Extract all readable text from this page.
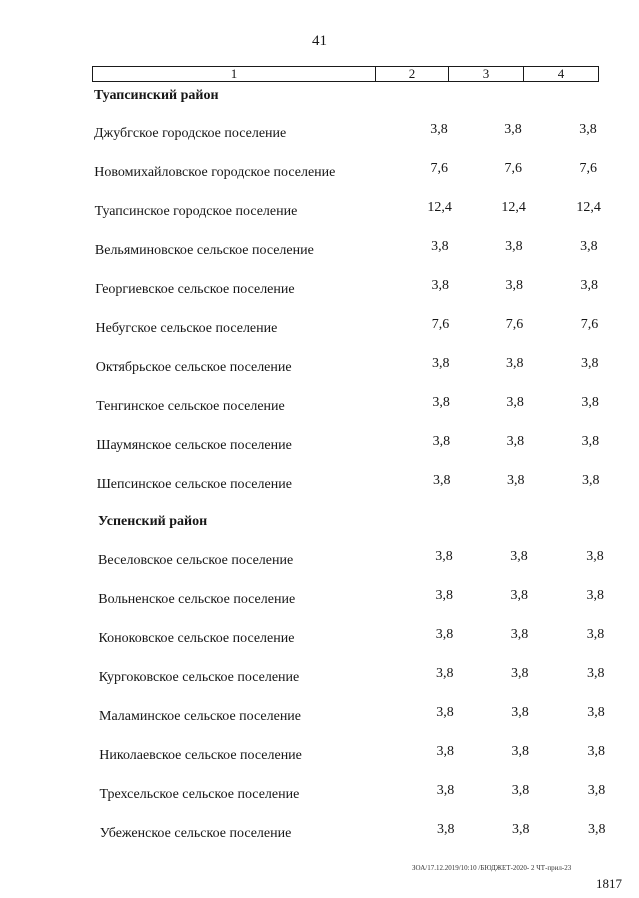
41
1	2	3	4
Туапсинский район
Джубгское городское поселение	3,8	3,8	3,8
Новомихайловское городское поселение	7,6	7,6	7,6
Туапсинское городское поселение	12,4	12,4	12,4
Вельяминовское сельское поселение	3,8	3,8	3,8
Георгиевское сельское поселение	3,8	3,8	3,8
Небугское сельское поселение	7,6	7,6	7,6
Октябрьское сельское поселение	3,8	3,8	3,8
Тенгинское сельское поселение	3,8	3,8	3,8
Шаумянское сельское поселение	3,8	3,8	3,8
Шепсинское сельское поселение	3,8	3,8	3,8
Успенский район
Веселовское сельское поселение	3,8	3,8	3,8
Вольненское сельское поселение	3,8	3,8	3,8
Коноковское сельское поселение	3,8	3,8	3,8
Кургоковское сельское поселение	3,8	3,8	3,8
Маламинское сельское поселение	3,8	3,8	3,8
Николаевское сельское поселение	3,8	3,8	3,8
Трехсельское сельское поселение	3,8	3,8	3,8
Убеженское сельское поселение	3,8	3,8	3,8
ЗОА/17.12.2019/10:10 /БЮДЖЕТ-2020- 2 ЧТ-прил-23
1817
